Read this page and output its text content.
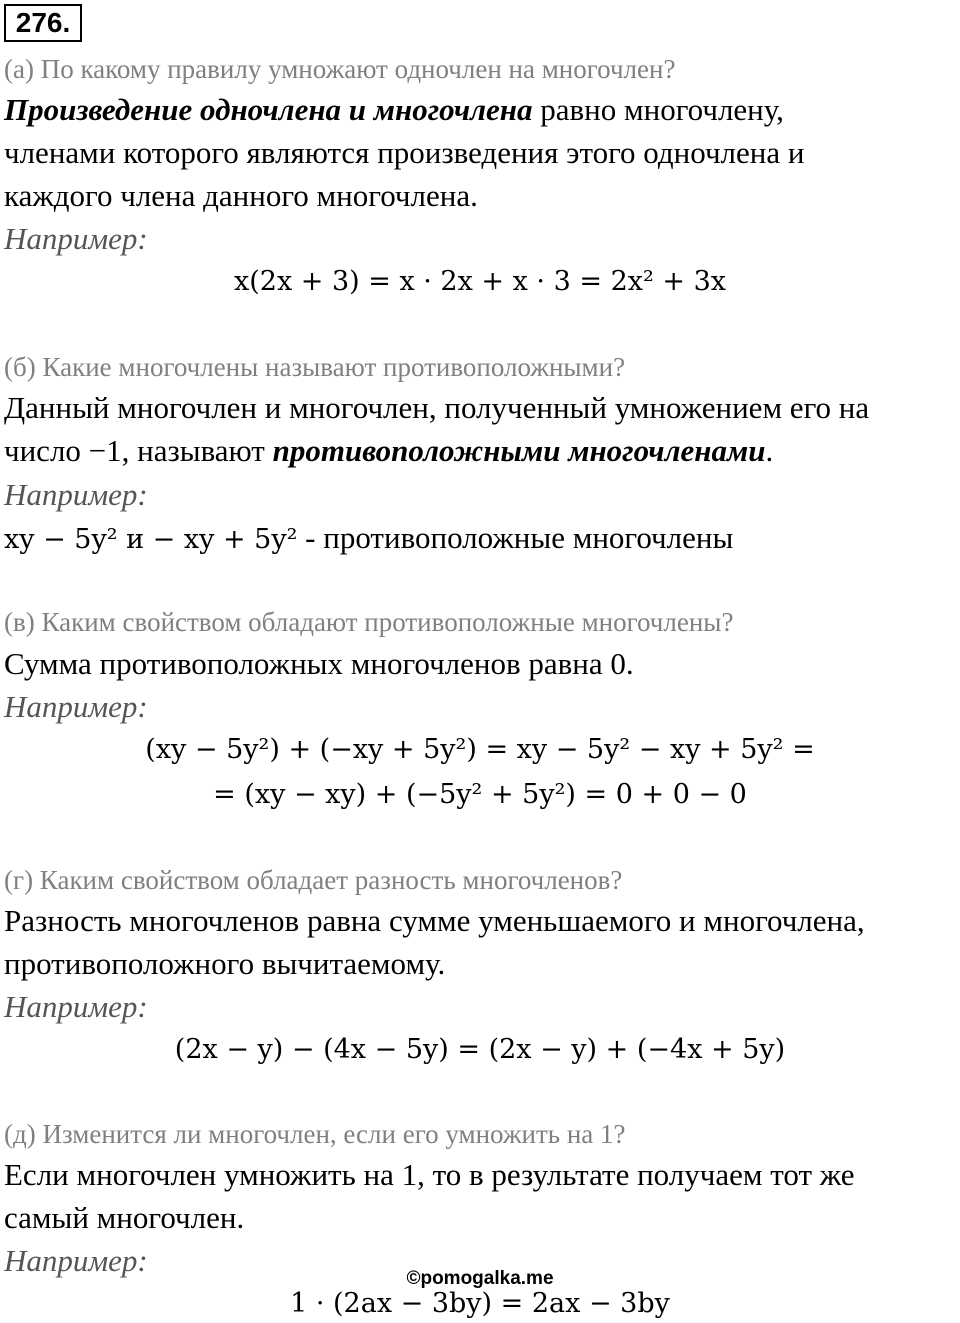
276.
(а) По какому правилу умножают одночлен на многочлен?
Произведение одночлена и многочлена равно многочлену,
членами которого являются произведения этого одночлена и
каждого члена данного многочлена.
Например:
x(2x + 3) = x · 2x + x · 3 = 2x² + 3x
(б) Какие многочлены называют противоположными?
Данный многочлен и многочлен, полученный умножением его на
число −1, называют противоположными многочленами.
Например:
xy − 5y² и − xy + 5y² - противоположные многочлены
(в) Каким свойством обладают противоположные многочлены?
Сумма противоположных многочленов равна 0.
Например:
(xy − 5y²) + (−xy + 5y²) = xy − 5y² − xy + 5y² =
= (xy − xy) + (−5y² + 5y²) = 0 + 0 − 0
(г) Каким свойством обладает разность многочленов?
Разность многочленов равна сумме уменьшаемого и многочлена,
противоположного вычитаемому.
Например:
(2x − y) − (4x − 5y) = (2x − y) + (−4x + 5y)
(д) Изменится ли многочлен, если его умножить на 1?
Если многочлен умножить на 1, то в результате получаем тот же
самый многочлен.
Например:
©pomogalka.me
1 · (2ax − 3by) = 2ax − 3by
